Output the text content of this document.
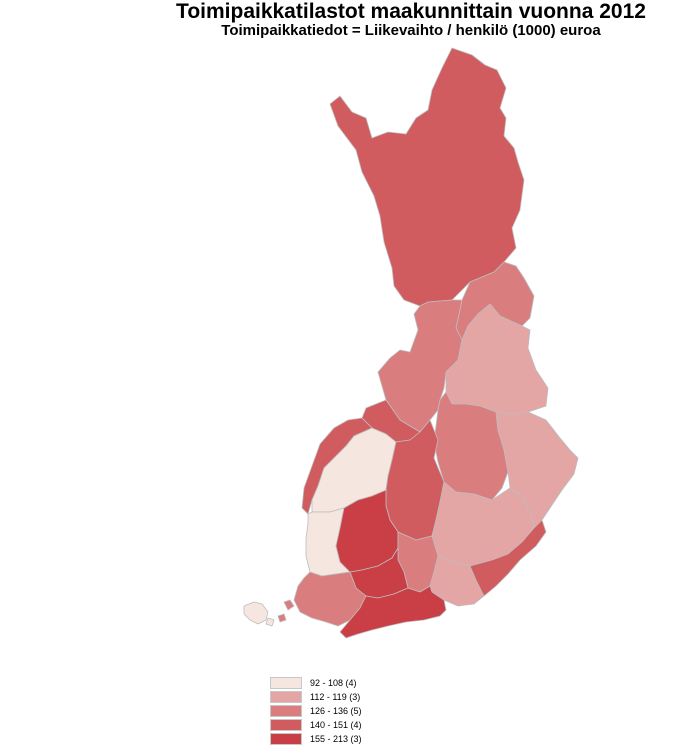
Toimipaikkatilastot maakunnittain vuonna 2012
Toimipaikkatiedot = Liikevaihto / henkilö (1000) euroa
92 - 108 (4)
112 - 119 (3)
126 - 136 (5)
140 - 151 (4)
155 - 213 (3)
